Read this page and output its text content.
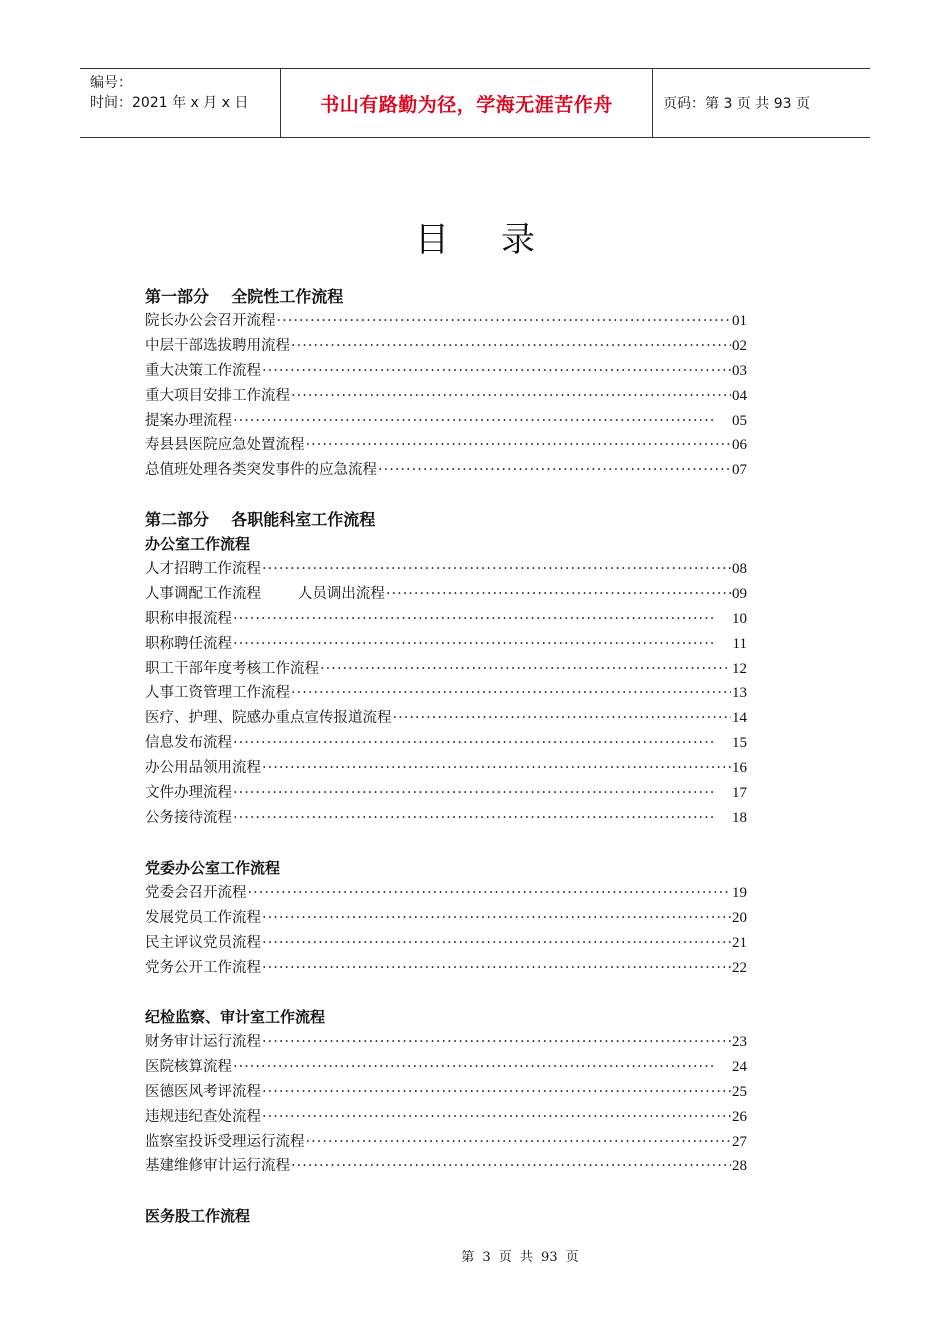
编号：
时间：2021 年 x 月 x 日	书山有路勤为径，学海无涯苦作舟	页码：第 3 页 共 93 页
目录
第一部分    全院性工作流程
院长办公会召开流程 ·····	01
中层干部选拔聘用流程 ·····	02
重大决策工作流程 ·····	03
重大项目安排工作流程 ·····	04
提案办理流程 ·····	05
寿县县医院应急处置流程 ·····	06
总值班处理各类突发事件的应急流程 ·····	07
第二部分    各职能科室工作流程
办公室工作流程
人才招聘工作流程 ·····	08
人事调配工作流程        人员调出流程 ·····	09
职称申报流程 ·····	10
职称聘任流程 ·····	11
职工干部年度考核工作流程 ·····	12
人事工资管理工作流程 ·····	13
医疗、护理、院感办重点宣传报道流程 ·····	14
信息发布流程 ·····	15
办公用品领用流程 ·····	16
文件办理流程 ·····	17
公务接待流程 ·····	18
党委办公室工作流程
党委会召开流程 ·····	19
发展党员工作流程 ·····	20
民主评议党员流程 ·····	21
党务公开工作流程 ·····	22
纪检监察、审计室工作流程
财务审计运行流程 ·····	23
医院核算流程 ·····	24
医德医风考评流程 ·····	25
违规违纪查处流程 ·····	26
监察室投诉受理运行流程 ·····	27
基建维修审计运行流程 ·····	28
医务股工作流程
第 3 页 共 93 页
